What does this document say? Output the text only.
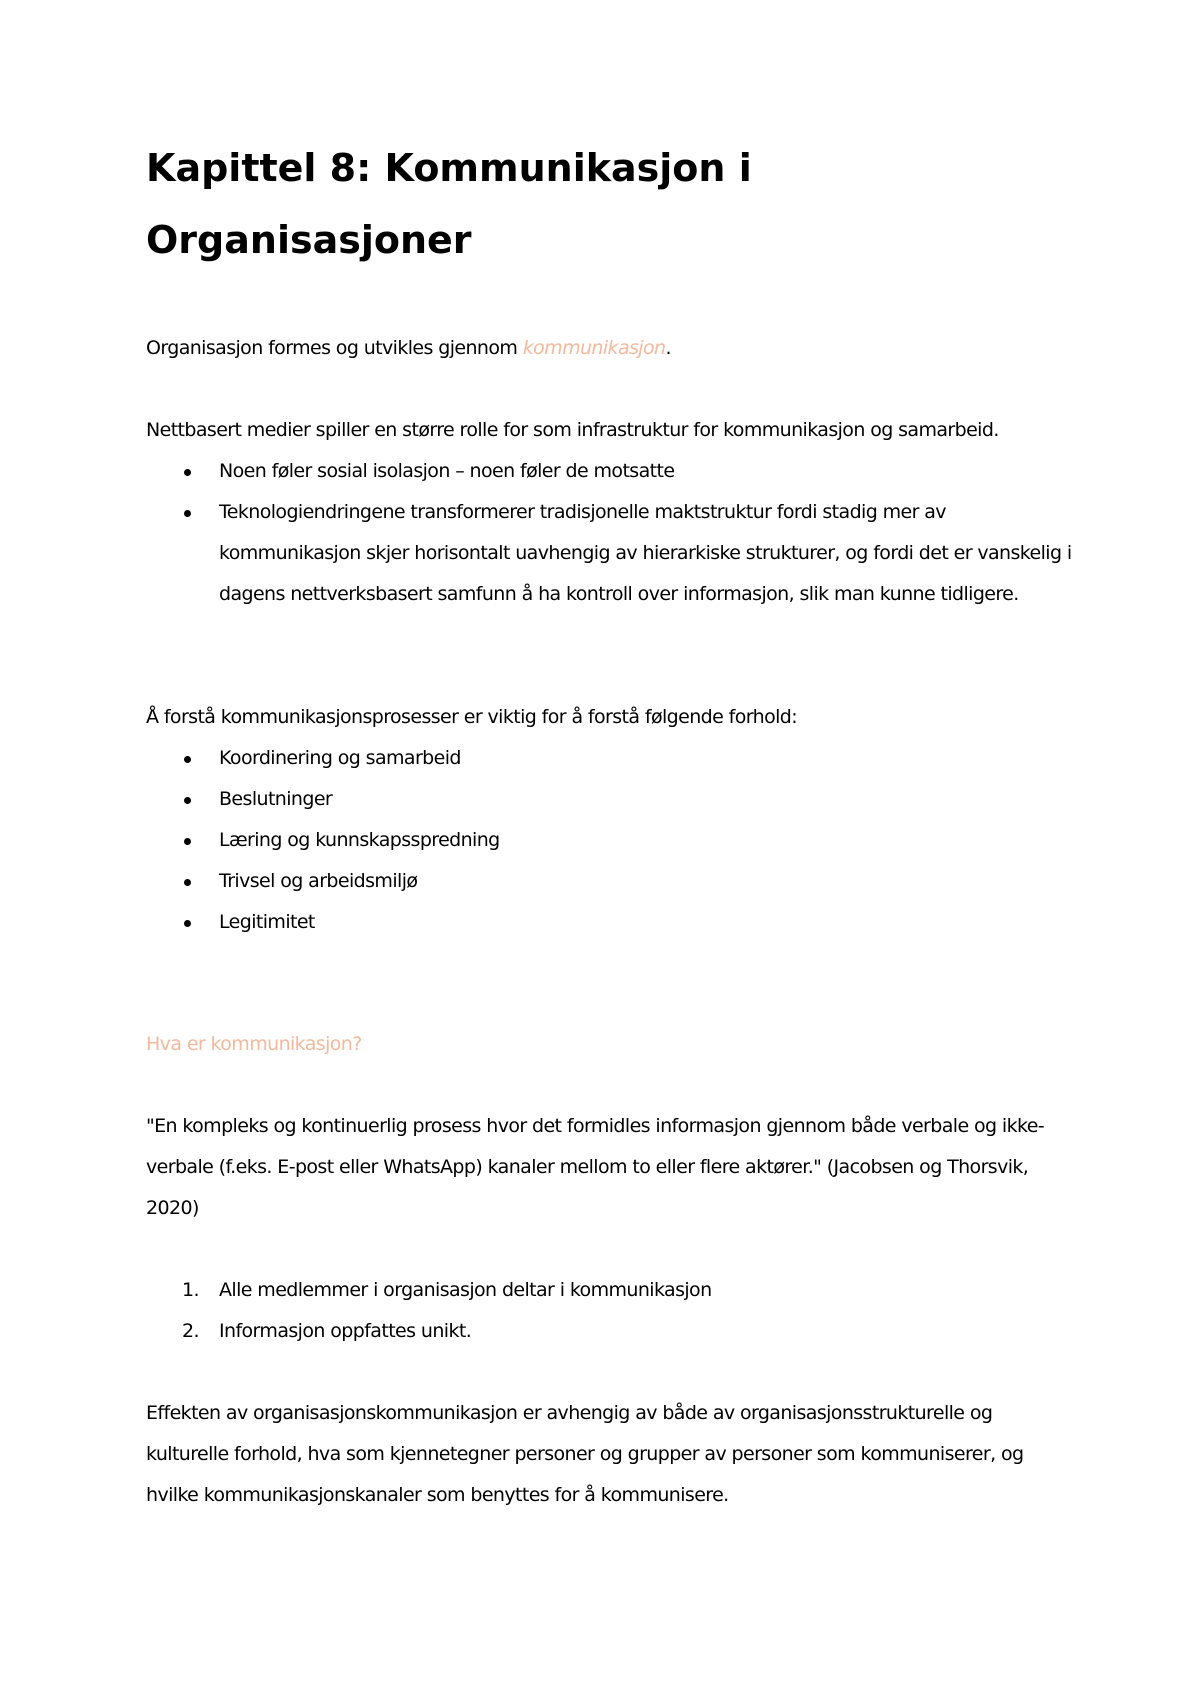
Kapittel 8: Kommunikasjon i Organisasjoner

Organisasjon formes og utvikles gjennom kommunikasjon.

Nettbasert medier spiller en større rolle for som infrastruktur for kommunikasjon og samarbeid.

Noen føler sosial isolasjon – noen føler de motsatte
Teknologiendringene transformerer tradisjonelle maktstruktur fordi stadig mer av kommunikasjon skjer horisontalt uavhengig av hierarkiske strukturer, og fordi det er vanskelig i dagens nettverksbasert samfunn å ha kontroll over informasjon, slik man kunne tidligere.

Å forstå kommunikasjonsprosesser er viktig for å forstå følgende forhold:

Koordinering og samarbeid
Beslutninger
Læring og kunnskapsspredning
Trivsel og arbeidsmiljø
Legitimitet

Hva er kommunikasjon?

"En kompleks og kontinuerlig prosess hvor det formidles informasjon gjennom både verbale og ikke-verbale (f.eks. E-post eller WhatsApp) kanaler mellom to eller flere aktører." (Jacobsen og Thorsvik, 2020)

1. Alle medlemmer i organisasjon deltar i kommunikasjon
2. Informasjon oppfattes unikt.

Effekten av organisasjonskommunikasjon er avhengig av både av organisasjonsstrukturelle og kulturelle forhold, hva som kjennetegner personer og grupper av personer som kommuniserer, og hvilke kommunikasjonskanaler som benyttes for å kommunisere.
